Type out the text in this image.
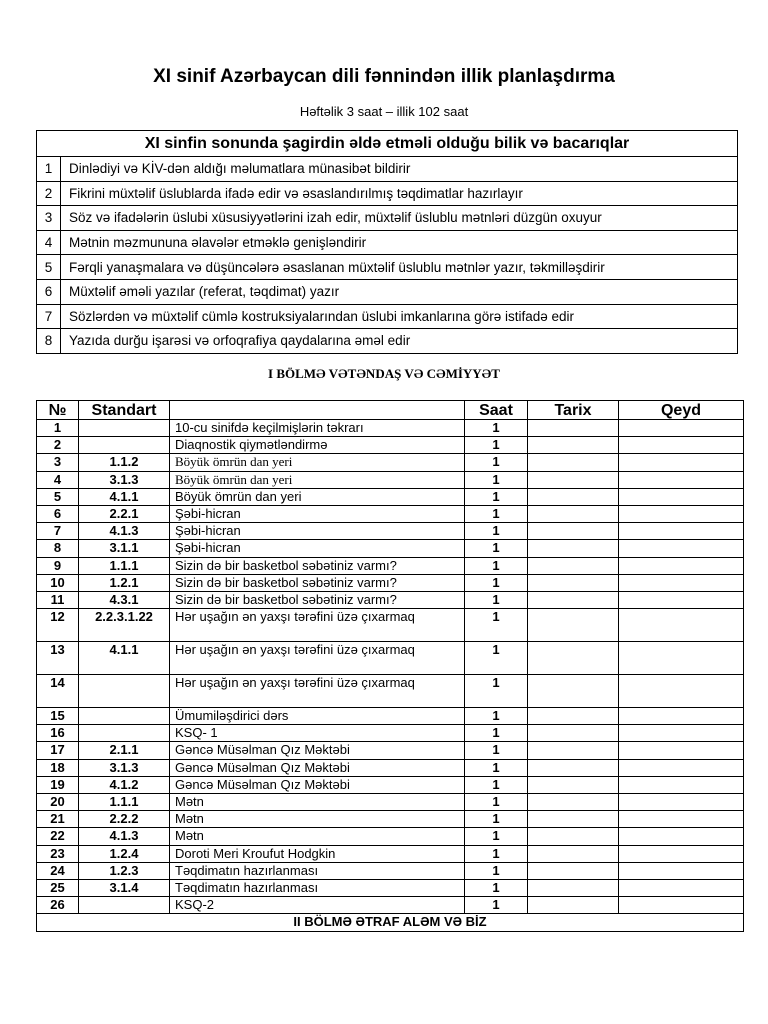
XI sinif Azərbaycan dili fənnindən illik planlaşdırma
Həftəlik 3 saat – illik 102 saat
XI sinfin sonunda şagirdin əldə etməli olduğu bilik və bacarıqlar	
1	Dinlədiyi və KİV-dən aldığı məlumatlara münasibət bildirir
2	Fikrini müxtəlif üslublarda ifadə edir və əsaslandırılmış təqdimatlar hazırlayır
3	Söz və ifadələrin üslubi xüsusiyyətlərini izah edir, müxtəlif üslublu mətnləri düzgün oxuyur
4	Mətnin məzmununa əlavələr etməklə genişləndirir
5	Fərqli yanaşmalara və düşüncələrə əsaslanan müxtəlif üslublu mətnlər yazır, təkmilləşdirir
6	Müxtəlif əməli yazılar (referat, təqdimat) yazır
7	Sözlərdən və müxtəlif cümlə kostruksiyalarından üslubi imkanlarına görə istifadə edir
8	Yazıda durğu işarəsi və orfoqrafiya qaydalarına əməl edir
I BÖLMƏ VƏTƏNDAŞ VƏ CƏMİYYƏT
№	Standart		Saat	Tarix	Qeyd
1		10-cu sinifdə keçilmişlərin təkrarı	1		
2		Diaqnostik qiymətləndirmə	1		
3	1.1.2	Böyük ömrün dan yeri	1		
4	3.1.3	Böyük ömrün dan yeri	1		
5	4.1.1	Böyük ömrün dan yeri	1		
6	2.2.1	Şəbi-hicran	1		
7	4.1.3	Şəbi-hicran	1		
8	3.1.1	Şəbi-hicran	1		
9	1.1.1	Sizin də bir basketbol səbətiniz varmı?	1		
10	1.2.1	Sizin də bir basketbol səbətiniz varmı?	1		
11	4.3.1	Sizin də bir basketbol səbətiniz varmı?	1		
12	2.2.3.1.22	Hər uşağın ən yaxşı tərəfini üzə çıxarmaq	1		
13	4.1.1	Hər uşağın ən yaxşı tərəfini üzə çıxarmaq	1		
14		Hər uşağın ən yaxşı tərəfini üzə çıxarmaq	1		
15		Ümumiləşdirici dərs	1		
16		KSQ- 1	1		
17	2.1.1	Gəncə Müsəlman Qız Məktəbi	1		
18	3.1.3	Gəncə Müsəlman Qız Məktəbi	1		
19	4.1.2	Gəncə Müsəlman Qız Məktəbi	1		
20	1.1.1	Mətn	1		
21	2.2.2	Mətn	1		
22	4.1.3	Mətn	1		
23	1.2.4	Doroti Meri Kroufut Hodgkin	1		
24	1.2.3	Təqdimatın hazırlanması	1		
25	3.1.4	Təqdimatın hazırlanması	1		
26		KSQ-2	1		
II BÖLMƏ ƏTRAF ALƏM VƏ BİZ					
